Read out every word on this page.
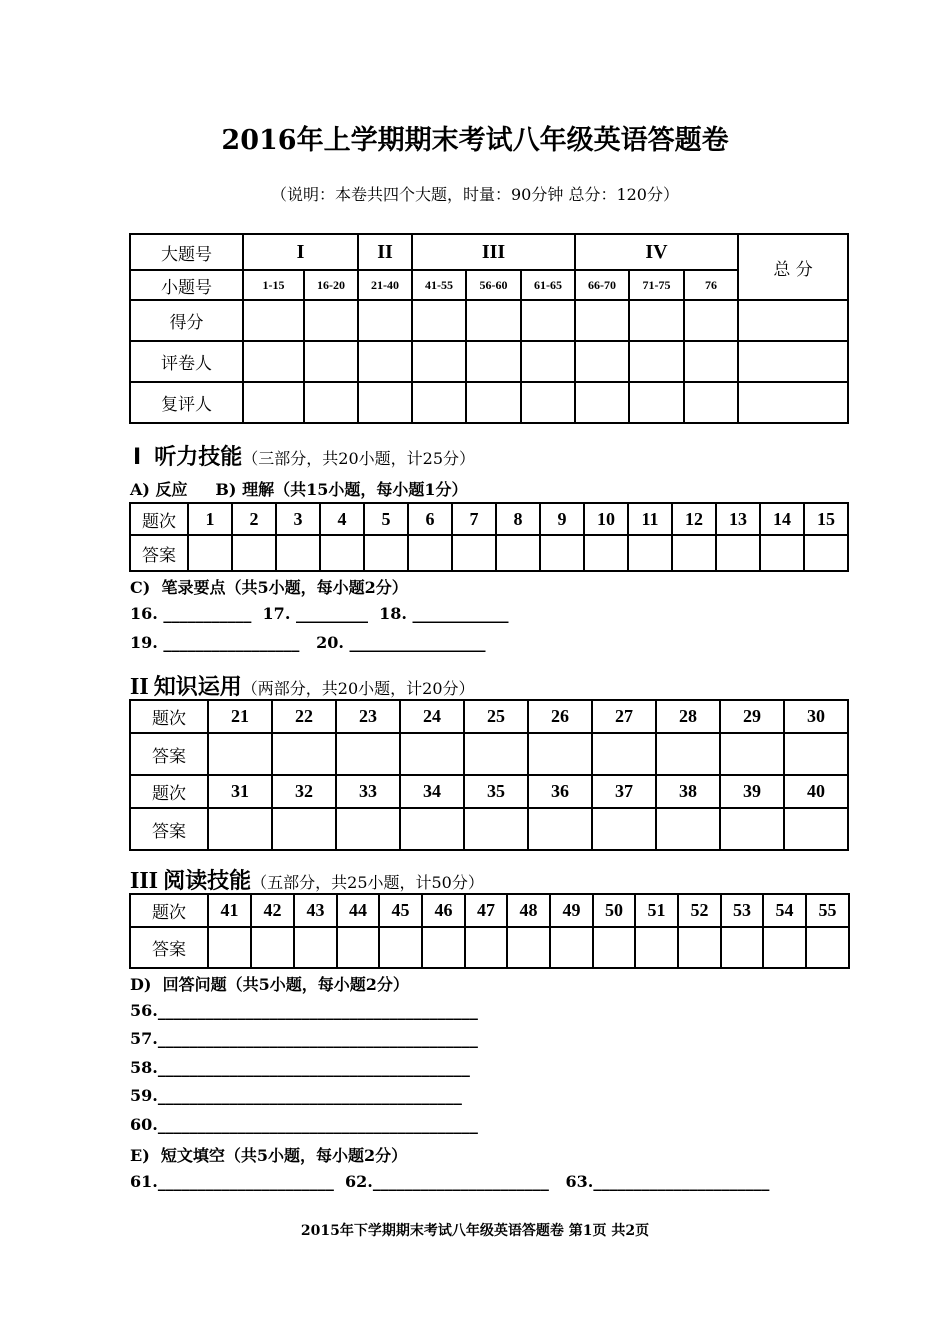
2016年上学期期末考试八年级英语答题卷
（说明：本卷共四个大题，时量：90分钟 总分：120分）
大题号	I		II	III			IV			总 分
小题号	1-15	16-20	21-40	41-55	56-60	61-65	66-70	71-75	76	
得分										
评卷人										
复评人										
Ⅰ 听力技能（三部分，共20小题，计25分）
A) 反应     B) 理解（共15小题，每小题1分）
题次	1	2	3	4	5	6	7	8	9	10	11	12	13	14	15
答案															
C)  笔录要点（共5小题，每小题2分）
16. ___________  17. _________  18. ____________
19. _________________   20. _________________
II 知识运用（两部分，共20小题，计20分）
题次	21	22	23	24	25	26	27	28	29	30
答案										
题次	31	32	33	34	35	36	37	38	39	40
答案										
III 阅读技能（五部分，共25小题，计50分）
题次	41	42	43	44	45	46	47	48	49	50	51	52	53	54	55
答案															
D)  回答问题（共5小题，每小题2分）
56.________________________________________
57.________________________________________
58._______________________________________
59.______________________________________
60.________________________________________
E)  短文填空（共5小题，每小题2分）
61.______________________  62.______________________   63.______________________
2015年下学期期末考试八年级英语答题卷 第1页 共2页
